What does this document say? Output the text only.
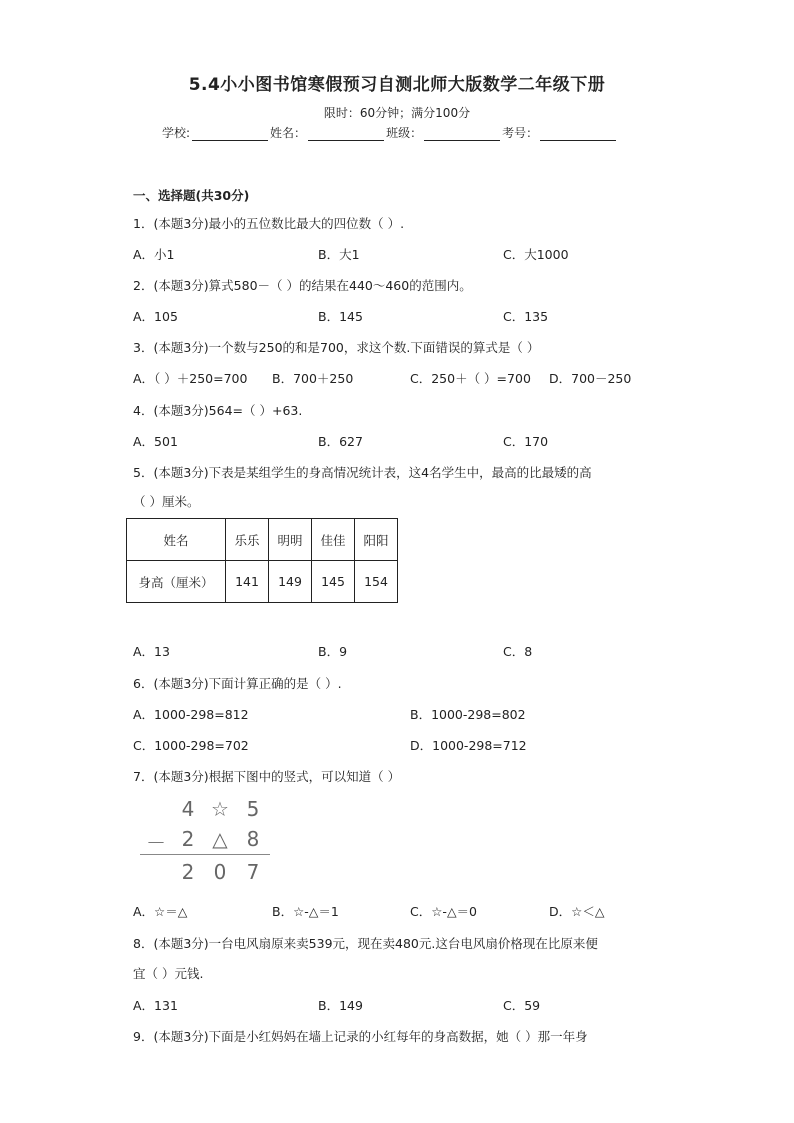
5.4小小图书馆寒假预习自测北师大版数学二年级下册
限时：60分钟；满分100分
学校:	姓名：	班级：	考号：
一、选择题(共30分)
1．(本题3分)最小的五位数比最大的四位数（ ）.
A．小1	B．大1	C．大1000
2．(本题3分)算式580－（ ）的结果在440～460的范围内。
A．105	B．145	C．135
3．(本题3分)一个数与250的和是700，求这个数.下面错误的算式是（ ）
A．（ ）＋250=700 B．700＋250	C．250＋（ ）=700 D．700－250
4．(本题3分)564=（ ）+63.
A．501	B．627	C．170
5．(本题3分)下表是某组学生的身高情况统计表，这4名学生中，最高的比最矮的高
（ ）厘米。
姓名	乐乐	明明	佳佳	阳阳
身高（厘米）	141	149	145	154
A．13	B．9	C．8
6．(本题3分)下面计算正确的是（ ）.
A．1000-298=812	B．1000-298=802
C．1000-298=702	D．1000-298=712
7．(本题3分)根据下图中的竖式，可以知道（ ）
4 ☆ 5
－ 2 △ 8
2 0 7
A．☆＝△	B．☆-△＝1	C．☆-△＝0	D．☆＜△
8．(本题3分)一台电风扇原来卖539元，现在卖480元.这台电风扇价格现在比原来便
宜（ ）元钱.
A．131	B．149	C．59
9．(本题3分)下面是小红妈妈在墙上记录的小红每年的身高数据，她（ ）那一年身
